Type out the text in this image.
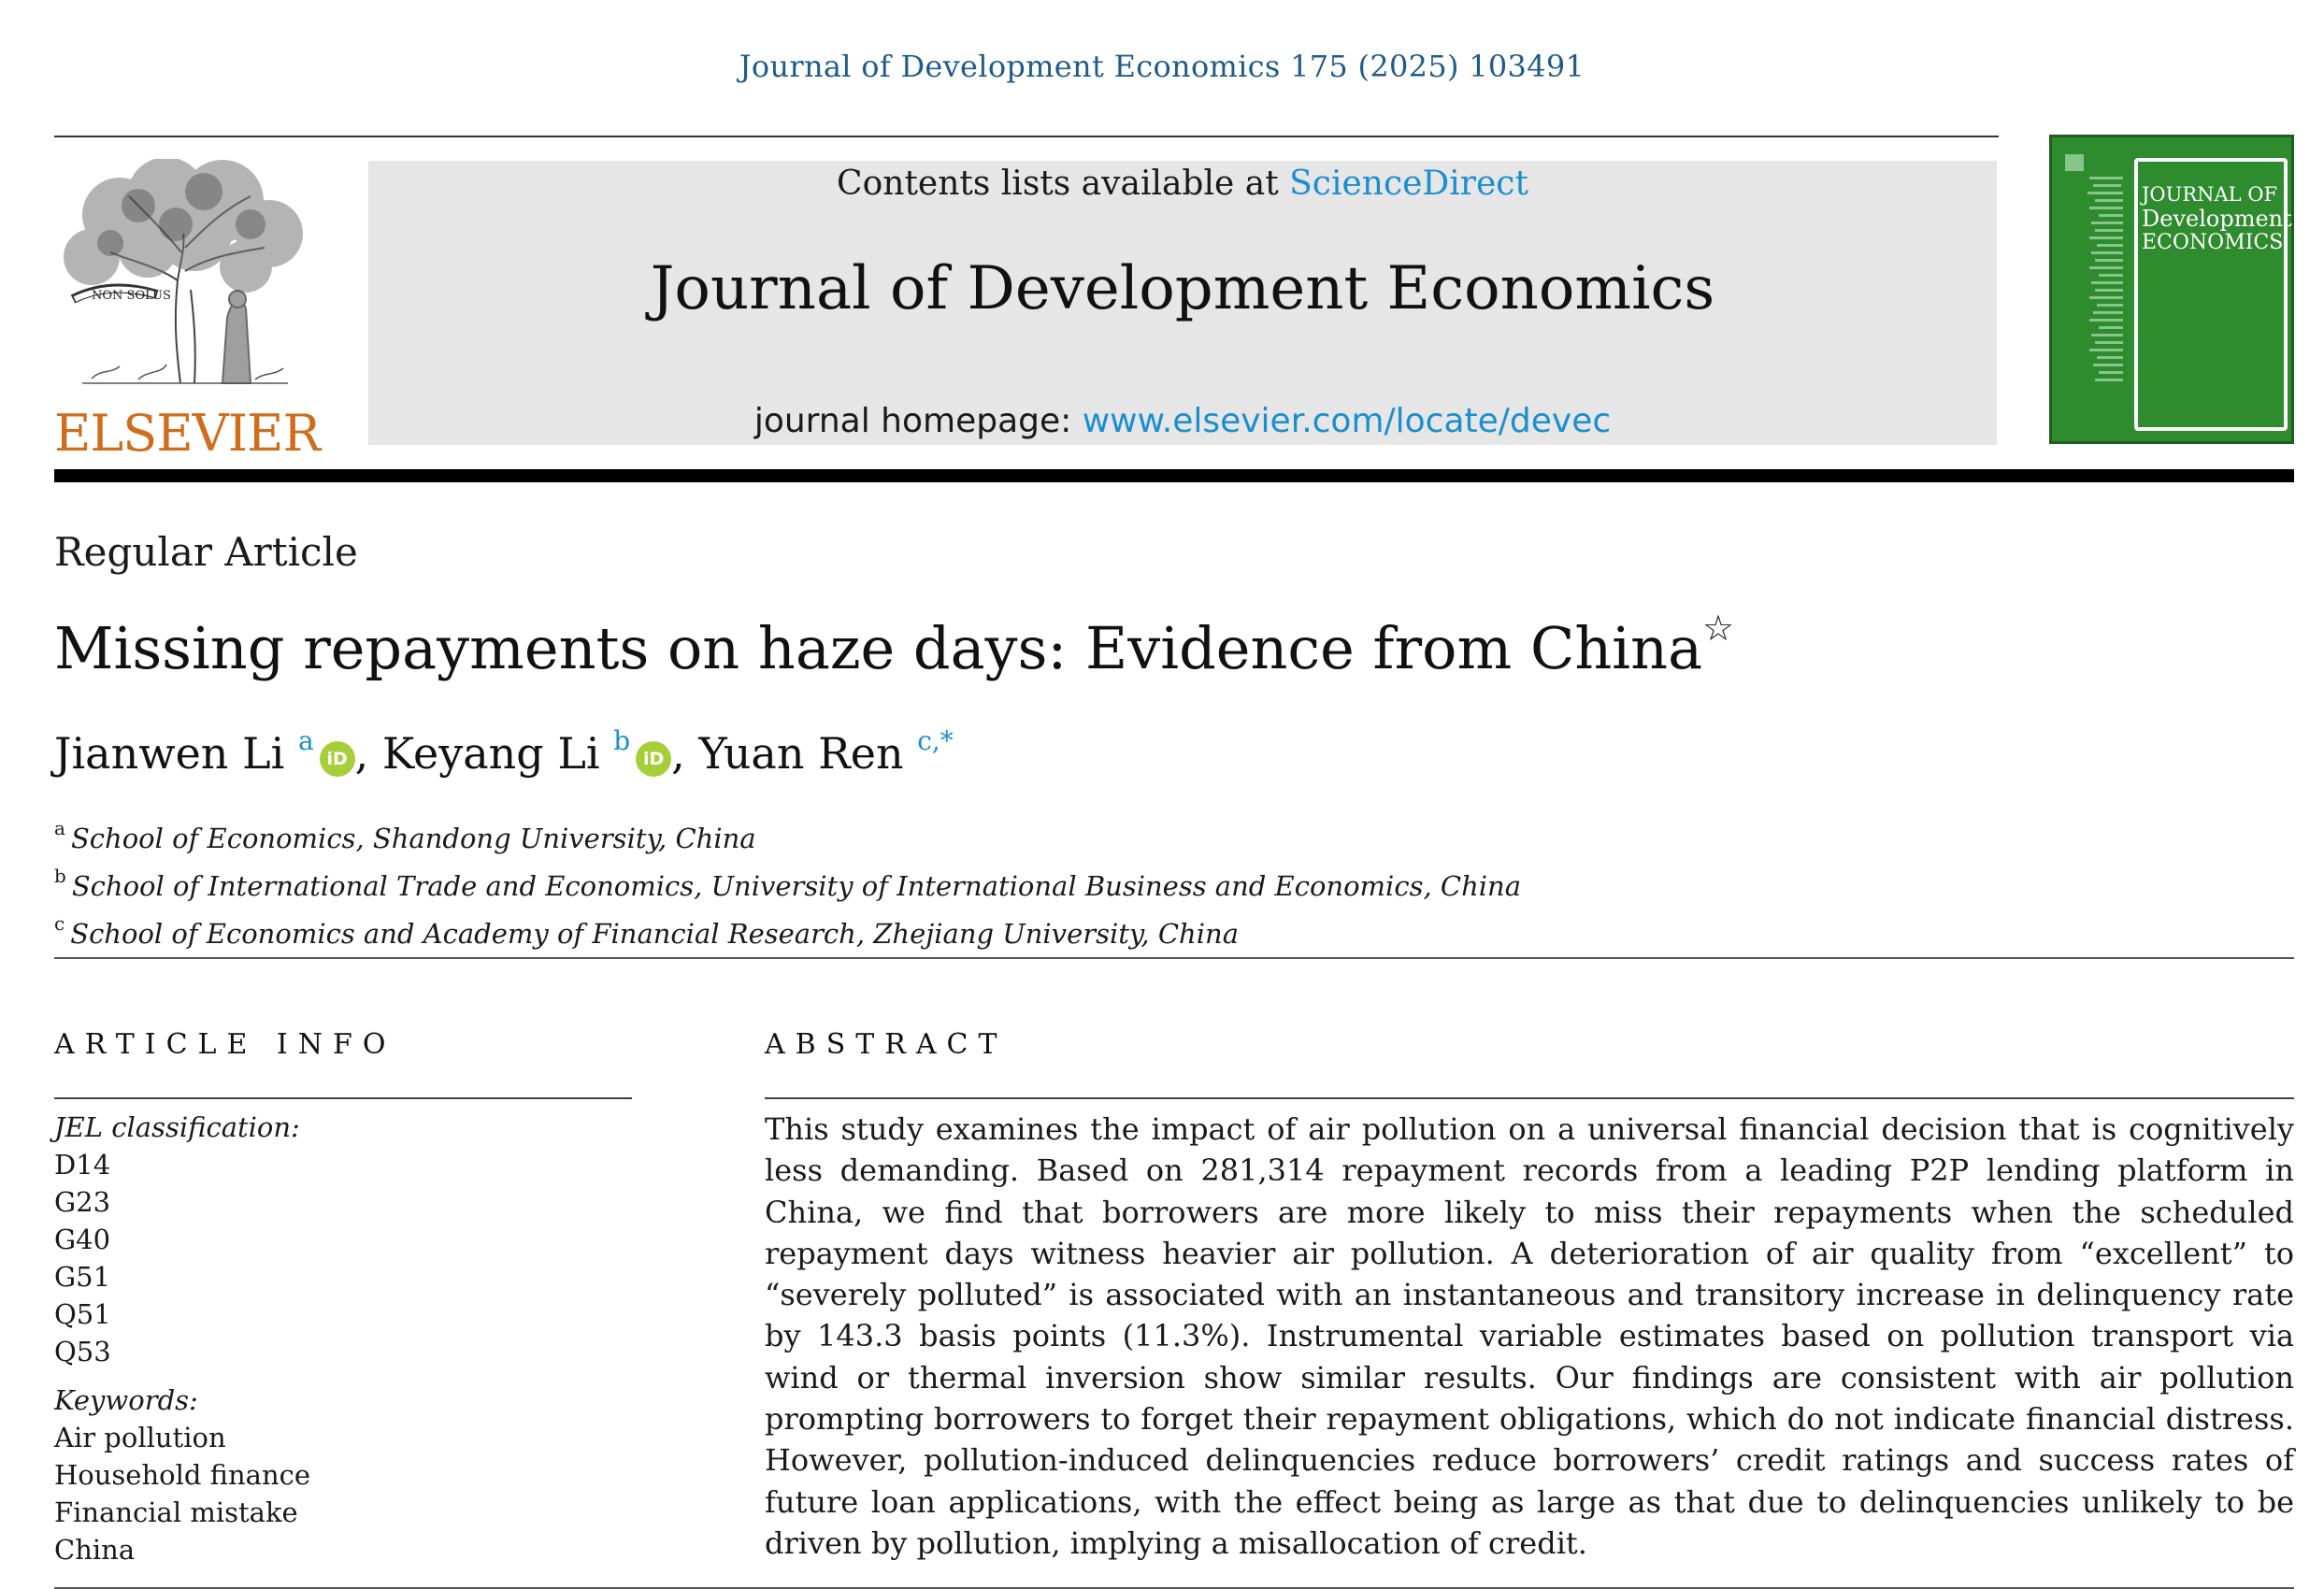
Journal of Development Economics 175 (2025) 103491
NON SOLUS
ELSEVIER
Contents lists available at ScienceDirect
Journal of Development Economics
journal homepage: www.elsevier.com/locate/devec
JOURNAL OF
Development
ECONOMICS
Regular Article
Missing repayments on haze days: Evidence from China☆
Jianwen Li $^a$iD , Keyang Li $^b$iD , Yuan Ren $^{c,*}$
$^a$ School of Economics, Shandong University, China
$^b$ School of International Trade and Economics, University of International Business and Economics, China
$^c$ School of Economics and Academy of Financial Research, Zhejiang University, China
ARTICLE INFO
JEL classification:
D14
G23
G40
G51
Q51
Q53
Keywords:
Air pollution
Household finance
Financial mistake
China
ABSTRACT
This study examines the impact of air pollution on a universal financial decision that is cognitively less demanding. Based on 281,314 repayment records from a leading P2P lending platform in China, we find that borrowers are more likely to miss their repayments when the scheduled repayment days witness heavier air pollution. A deterioration of air quality from “excellent” to “severely polluted” is associated with an instantaneous and transitory increase in delinquency rate by 143.3 basis points (11.3%). Instrumental variable estimates based on pollution transport via wind or thermal inversion show similar results. Our findings are consistent with air pollution prompting borrowers to forget their repayment obligations, which do not indicate financial distress. However, pollution-induced delinquencies reduce borrowers’ credit ratings and success rates of future loan applications, with the effect being as large as that due to delinquencies unlikely to be driven by pollution, implying a misallocation of credit.
